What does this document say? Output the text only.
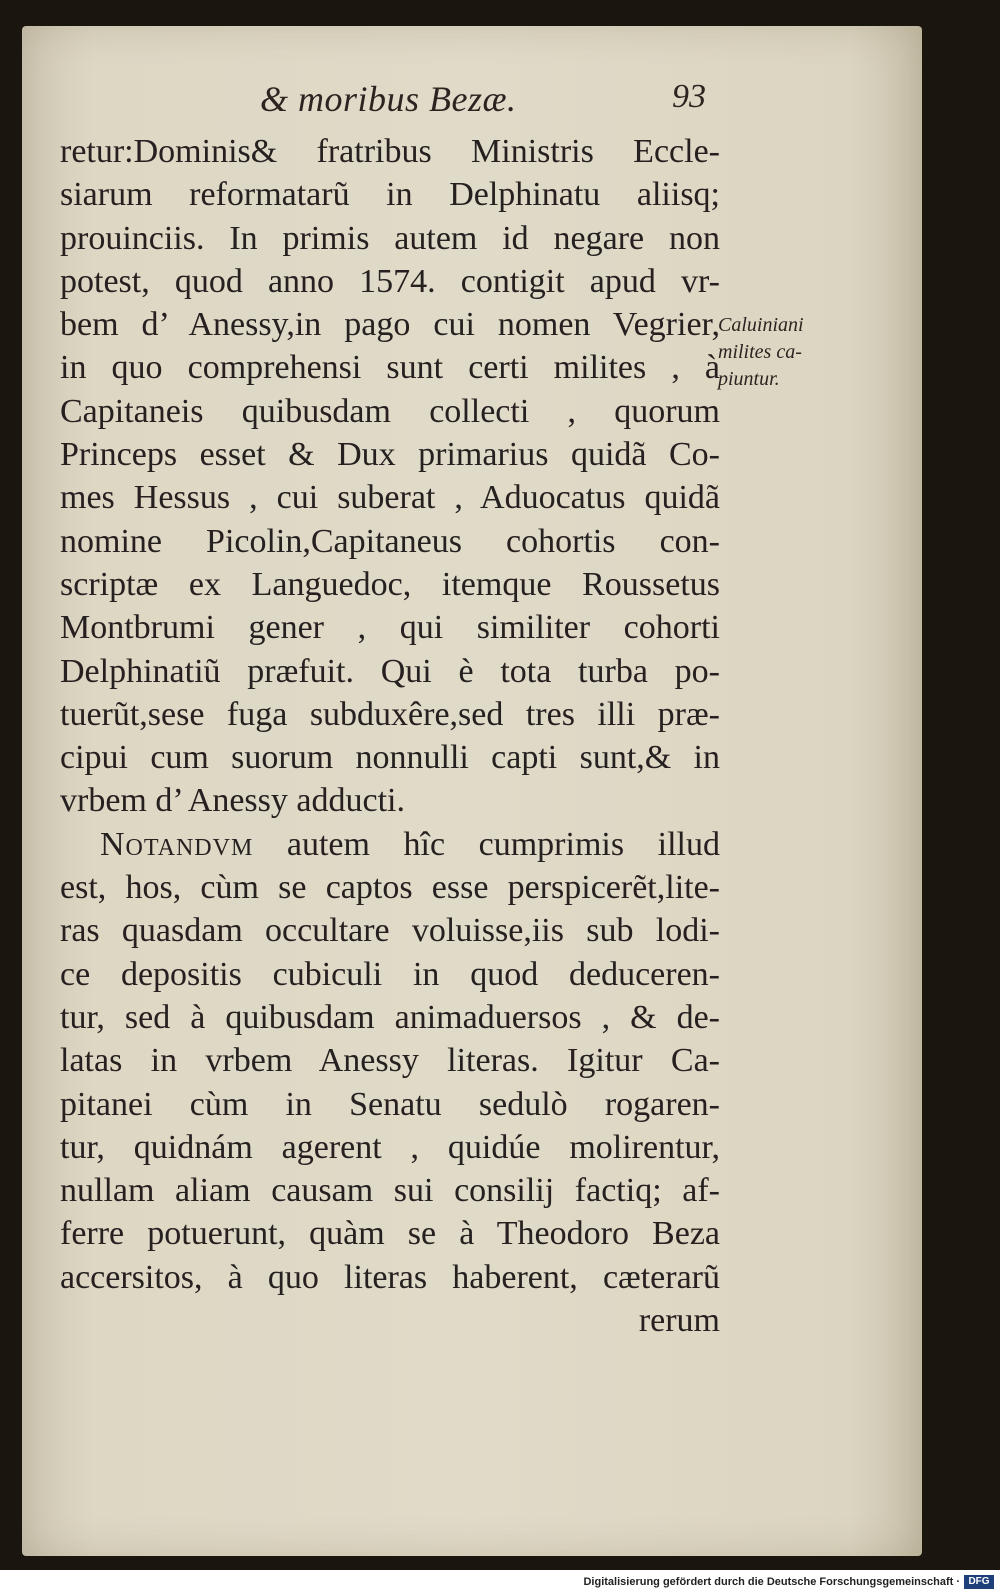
& moribus Bezæ.	93
retur:Dominis& fratribus Ministris Eccle-
siarum reformatarũ in Delphinatu aliisq;
prouinciis. In primis autem id negare non
potest, quod anno 1574. contigit apud vr-
bem d’ Anessy,in pago cui nomen Vegrier,
in quo comprehensi sunt certi milites , à
Capitaneis quibusdam collecti , quorum
Princeps esset & Dux primarius quidã Co-
mes Hessus , cui suberat , Aduocatus quidã
nomine Picolin,Capitaneus cohortis con-
scriptæ ex Languedoc, itemque Roussetus
Montbrumi gener , qui similiter cohorti
Delphinatiũ præfuit. Qui è tota turba po-
tuerũt,sese fuga subduxêre,sed tres illi præ-
cipui cum suorum nonnulli capti sunt,& in
vrbem d’ Anessy adducti.
Notandvm autem hîc cumprimis illud
est, hos, cùm se captos esse perspicerẽt,lite-
ras quasdam occultare voluisse,iis sub lodi-
ce depositis cubiculi in quod deduceren-
tur, sed à quibusdam animaduersos , & de-
latas in vrbem Anessy literas. Igitur Ca-
pitanei cùm in Senatu sedulò rogaren-
tur, quidnám agerent , quidúe molirentur,
nullam aliam causam sui consilij factiq; af-
ferre potuerunt, quàm se à Theodoro Beza
accersitos, à quo literas haberent, cæterarũ
rerum
Caluiniani
milites ca-
piuntur.
Digitalisierung gefördert durch die Deutsche Forschungsgemeinschaft · DFG
